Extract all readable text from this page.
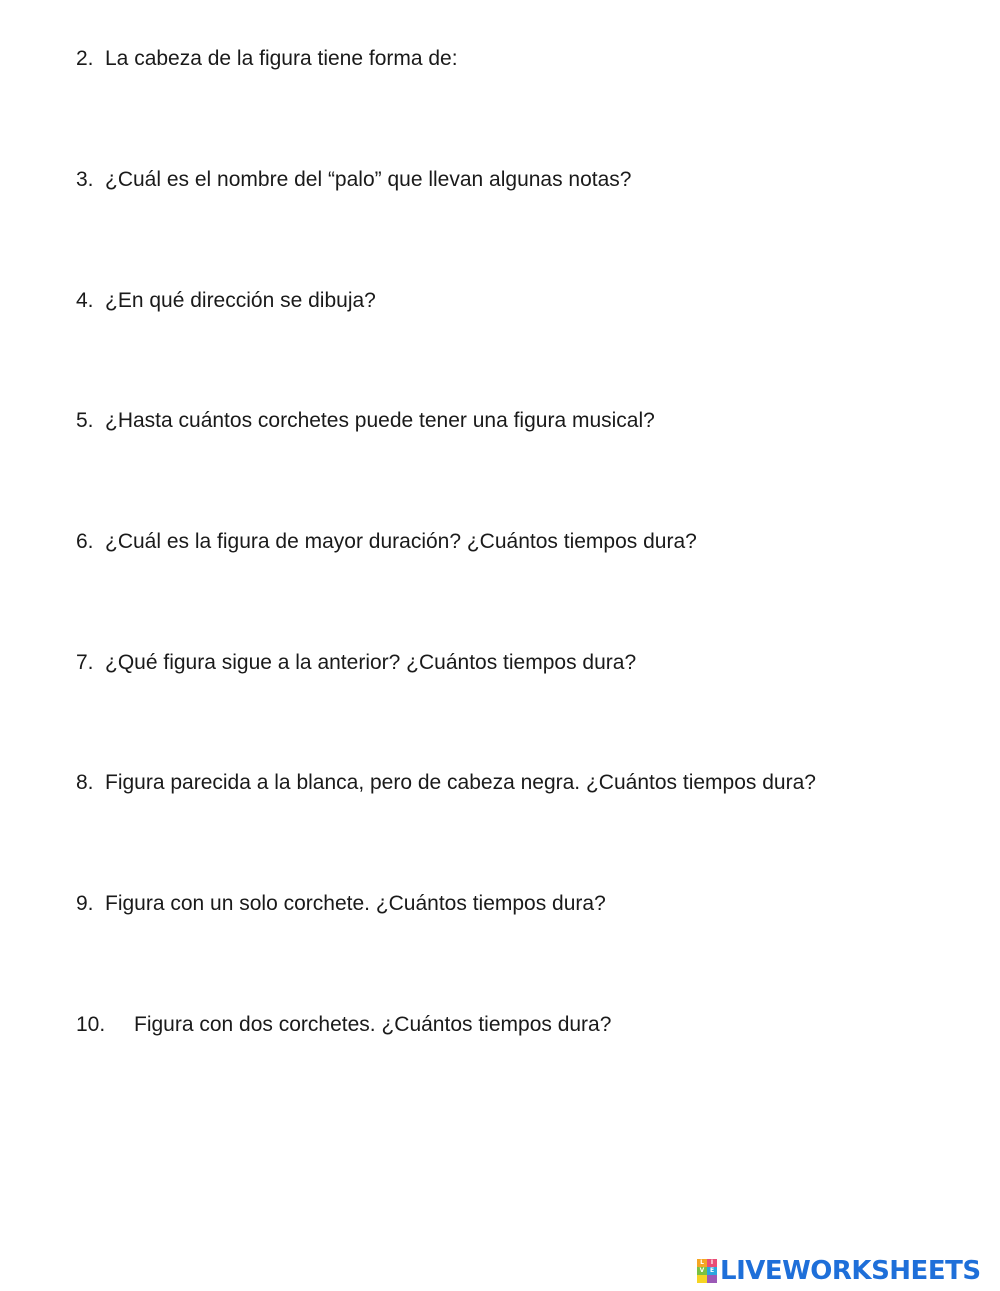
2. La cabeza de la figura tiene forma de:
3. ¿Cuál es el nombre del “palo” que llevan algunas notas?
4. ¿En qué dirección se dibuja?
5. ¿Hasta cuántos corchetes puede tener una figura musical?
6. ¿Cuál es la figura de mayor duración? ¿Cuántos tiempos dura?
7. ¿Qué figura sigue a la anterior? ¿Cuántos tiempos dura?
8. Figura parecida a la blanca, pero de cabeza negra. ¿Cuántos tiempos dura?
9. Figura con un solo corchete. ¿Cuántos tiempos dura?
10.	Figura con dos corchetes. ¿Cuántos tiempos dura?
L	I
V E LIVEWORKSHEETS
